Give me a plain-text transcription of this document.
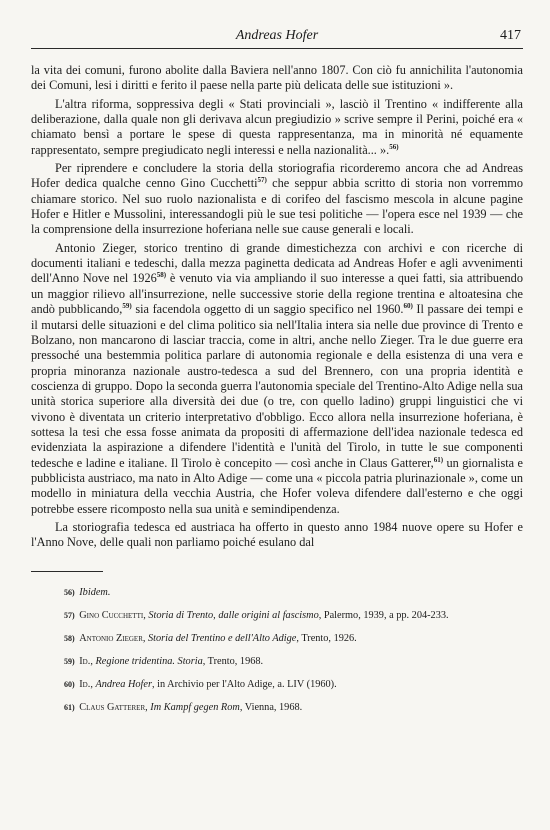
Andreas Hofer	417

la vita dei comuni, furono abolite dalla Baviera nell'anno 1807. Con ciò fu annichilita l'autonomia dei Comuni, lesi i diritti e ferito il paese nella parte più delicata delle sue istituzioni ».

L'altra riforma, soppressiva degli « Stati provinciali », lasciò il Trentino « indifferente alla deliberazione, dalla quale non gli derivava alcun pregiudizio » scrive sempre il Perini, poiché era « chiamato bensì a portare le spese di questa rappresentanza, ma in minorità né equamente rappresentato, sempre pregiudicato negli interessi e nella nazionalità... ».$^{56)}$

Per riprendere e concludere la storia della storiografia ricorderemo ancora che ad Andreas Hofer dedica qualche cenno Gino Cucchetti$^{57)}$ che seppur abbia scritto di storia non vorremmo chiamare storico. Nel suo ruolo nazionalista e di corifeo del fascismo mescola in alcune pagine Hofer e Hitler e Mussolini, interessandogli più le sue tesi politiche — l'opera esce nel 1939 — che la comprensione della insurrezione hoferiana nelle sue cause generali e locali.

Antonio Zieger, storico trentino di grande dimestichezza con archivi e con ricerche di documenti italiani e tedeschi, dalla mezza paginetta dedicata ad Andreas Hofer e agli avvenimenti dell'Anno Nove nel 1926$^{58)}$ è venuto via via ampliando il suo interesse a quei fatti, sia attribuendo un maggior rilievo all'insurrezione, nelle successive storie della regione trentina e altoatesina che andò pubblicando,$^{59)}$ sia facendola oggetto di un saggio specifico nel 1960.$^{60)}$ Il passare dei tempi e il mutarsi delle situazioni e del clima politico sia nell'Italia intera sia nelle due province di Trento e Bolzano, non mancarono di lasciar traccia, come in altri, anche nello Zieger. Tra le due guerre era pressoché una bestemmia politica parlare di autonomia regionale e della esistenza di una vera e propria minoranza nazionale austro-tedesca a sud del Brennero, con una propria identità e coscienza di gruppo. Dopo la seconda guerra l'autonomia speciale del Trentino-Alto Adige nella sua unità storica superiore alla diversità dei due (o tre, con quello ladino) gruppi linguistici che vi vivono è diventata un criterio interpretativo d'obbligo. Ecco allora nella insurrezione hoferiana, è sottesa la tesi che essa fosse animata da propositi di affermazione dell'idea nazionale tedesca ed evidenziata la aspirazione a difendere l'identità e l'unità del Tirolo, in tutte le sue componenti tedesche e ladine e italiane. Il Tirolo è concepito — così anche in Claus Gatterer,$^{61)}$ un giornalista e pubblicista austriaco, ma nato in Alto Adige — come una « piccola patria plurinazionale », come un modello in miniatura della vecchia Austria, che Hofer voleva difendere dall'esterno e che oggi potrebbe essere ricomposto nella sua unità e semindipendenza.

La storiografia tedesca ed austriaca ha offerto in questo anno 1984 nuove opere su Hofer e l'Anno Nove, delle quali non parliamo poiché esulano dal

56) Ibidem.
57) Gino Cucchetti, Storia di Trento, dalle origini al fascismo, Palermo, 1939, a pp. 204-233.
58) Antonio Zieger, Storia del Trentino e dell'Alto Adige, Trento, 1926.
59) Id., Regione tridentina. Storia, Trento, 1968.
60) Id., Andrea Hofer, in Archivio per l'Alto Adige, a. LIV (1960).
61) Claus Gatterer, Im Kampf gegen Rom, Vienna, 1968.
